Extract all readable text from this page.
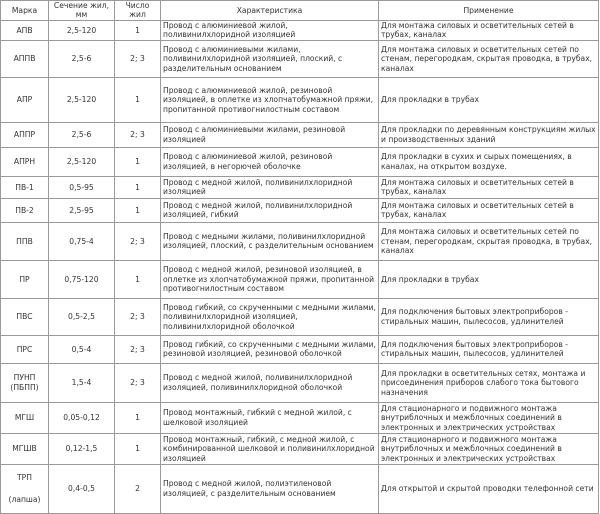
Марка	Сечение жил, мм	Число жил	Характеристика	Применение

АПВ	2,5-120	1	Провод с алюминиевой жилой, поливинилхлоридной изоляцией	Для монтажа силовых и осветительных сетей в трубах, каналах

АППВ	2,5-6	2; 3	Провод с алюминиевыми жилами, поливинилхлоридной изоляцией, плоский, с разделительным основанием	Для монтажа силовых и осветительных сетей по стенам, перегородкам, скрытая проводка, в трубах, каналах

АПР	2,5-120	1	Провод с алюминиевой жилой, резиновой изоляцией, в оплетке из хлопчатобумажной пряжи, пропитанной противогнилостным составом	Для прокладки в трубах

АППР	2,5-6	2; 3	Провод с алюминиевыми жилами, резиновой изоляцией	Для прокладки по деревянным конструкциям жилых и производственных зданий

АПРН	2,5-120	1	Провод с алюминиевой жилой, резиновой изоляцией, в негорючей оболочке	Для прокладки в сухих и сырых помещениях, в каналах, на открытом воздухе.

ПВ-1	0,5-95	1	Провод с медной жилой, поливинилхлоридной изоляцией	Для монтажа силовых и осветительных сетей в трубах, каналах

ПВ-2	2,5-95	1	Провод с медной жилой, поливинилхлоридной изоляцией, гибкий	Для монтажа силовых и осветительных сетей в трубах, каналах

ППВ	0,75-4	2; 3	Провод с медными жилами, поливинилхлоридной изоляцией, плоский, с разделительным основанием	Для монтажа силовых и осветительных сетей по стенам, перегородкам, скрытая проводка, в трубах, каналах

ПР	0,75-120	1	Провод с медной жилой, резиновой изоляцией, в оплетке из хлопчатобумажной пряжи, пропитанной противогнилостным составом	Для прокладки в трубах

ПВС	0,5-2,5	2; 3	Провод гибкий, со скрученными с медными жилами, поливинилхлоридной изоляцией, поливинилхлоридной оболочкой	Для подключения бытовых электроприборов - стиральных машин, пылесосов, удлинителей

ПРС	0,5-4	2; 3	Провод гибкий, со скрученными с медными жилами, резиновой изоляцией, резиновой оболочкой	Для подключения бытовых электроприборов - стиральных машин, пылесосов, удлинителей

ПУНП
(ПБПП)	1,5-4	2; 3	Провод с медной жилой, поливинилхлоридной изоляцией, поливинилхлоридной оболочкой	Для прокладки в осветительных сетях, монтажа и присоединения приборов слабого тока бытового назначения

МГШ	0,05-0,12	1	Провод монтажный, гибкий с медной жилой, с шелковой изоляцией	Для стационарного и подвижного монтажа внутриблочных и межблочных соединений в электронных и электрических устройствах

МГШВ	0,12-1,5	1	Провод монтажный, гибкий, с медной жилой, с комбинированной шелковой и поливинилхлоридной изоляцией	Для стационарного и подвижного монтажа внутриблочных и межблочных соединений в электронных и электрических устройствах

ТРП
(лапша)	0,4-0,5	2	Провод с медной жилой, полиэтиленовой изоляцией, с разделительным основанием	Для открытой и скрытой проводки телефонной сети
